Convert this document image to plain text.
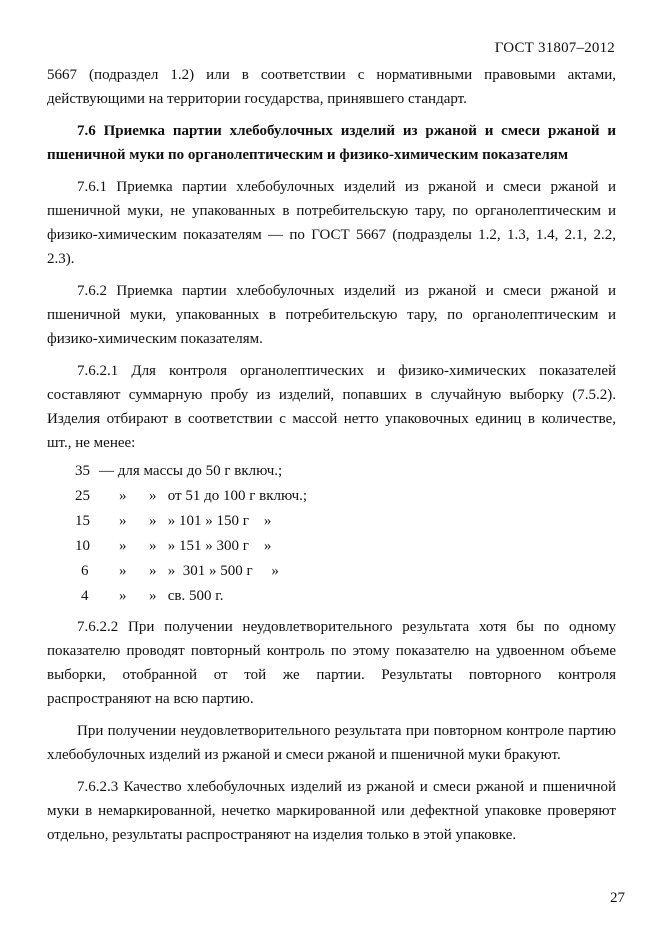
ГОСТ 31807–2012

5667 (подраздел 1.2) или в соответствии с нормативными правовыми актами, действующими на территории государства, принявшего стандарт.

7.6 Приемка партии хлебобулочных изделий из ржаной и смеси ржаной и пшеничной муки по органолептическим и физико-химическим показателям

7.6.1 Приемка партии хлебобулочных изделий из ржаной и смеси ржаной и пшеничной муки, не упакованных в потребительскую тару, по органолептическим и физико-химическим показателям — по ГОСТ 5667 (подразделы 1.2, 1.3, 1.4, 2.1, 2.2, 2.3).

7.6.2 Приемка партии хлебобулочных изделий из ржаной и смеси ржаной и пшеничной муки, упакованных в потребительскую тару, по органолептическим и физико-химическим показателям.

7.6.2.1 Для контроля органолептических и физико-химических показателей составляют суммарную пробу из изделий, попавших в случайную выборку (7.5.2). Изделия отбирают в соответствии с массой нетто упаковочных единиц в количестве, шт., не менее:

35

— для массы до 50 г включ.;

25

»      »   от 51 до 100 г включ.;

15

»      »   » 101 » 150 г    »

10

»      »   » 151 » 300 г    »

6

»      »   »  301 » 500 г     »

4

»      »   св. 500 г.

7.6.2.2 При получении неудовлетворительного результата хотя бы по одному показателю проводят повторный контроль по этому показателю на удвоенном объеме выборки, отобранной от той же партии. Результаты повторного контроля распространяют на всю партию.

При получении неудовлетворительного результата при повторном контроле партию хлебобулочных изделий из ржаной и смеси ржаной и пшеничной муки бракуют.

7.6.2.3 Качество хлебобулочных изделий из ржаной и смеси ржаной и пшеничной муки в немаркированной, нечетко маркированной или дефектной упаковке проверяют отдельно, результаты распространяют на изделия только в этой упаковке.

27
